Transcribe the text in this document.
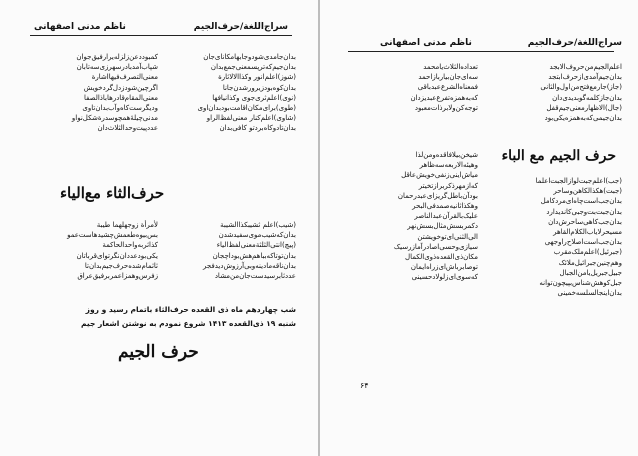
سراج‌اللغة/حرف‌الجیم
ناظم مدنی اصفهانی
بدان‌جا‌مدی‌شودو‌جابهامکانای‌جان
بدان‌جیم‌که‌ترپسمعنی‌جمع‌بدان
(شوز)اعلم‌انور وکذا‌الالاثارة
بدان‌کوه‌بود‌زیرورشدن‌جانا
(نوی)اعلم‌ثری‌جوی وکذانیافها
(طوی)برای‌مکان‌اقامت‌بودبدان‌اوی
(شاوی)اعلم‌کنار معنی‌لفظ‌الراو
بدان‌تادو‌کاه‌برد‌تو کافی‌بدان
کمبود‌دعن‌زلزله‌یرارفیق‌جوان
شپاب‌آمدبادرسهرزی‌سه‌تابان
معنی‌التصرف‌فیها‌اشارة
اگرچین‌شود‌زدل‌گردخویش
معنی‌المقام‌قادرها‌باذالصفا
ودیگرست‌کاه‌وآب‌بدان‌تاوی
مدنی‌چیلهٔ‌همچو‌سدرة‌شکل‌نواو
عددپیت‌وحدالثلاث‌دان
حرف‌الثاء مع‌الیاء
(شیب)اعلم ثشیبکذاالشیبة
بدان‌که‌شیب‌موی‌سفیدشدن
(پیچ)انتی‌الثلثة‌معنی‌لفظ‌الیاء
بدان‌تو‌تا‌که‌بباهم‌هش‌بوداچجان
بدان‌ناقه‌مادینه‌و‌بی‌آرزوش‌دیدفجر
عددثابرسیدست‌جان‌من‌مشاد
لأمرأة زوجهلهما طیبة
بس‌بیوه‌طعمش‌چشیدهاست‌عمو
کذا‌ثربه‌واحد‌الحاکمة
یکی‌بود‌عددان‌نگرتوای‌قرباتان
ثا‌ثمام‌شده‌حرف‌جیم‌بدان‌تا
زفرس‌وهمزاعمربرفیق‌عراق
شب چهاردهم ماه ذی القعده حرف‌الثاء باتمام رسید و روز
شنبه ۱۹ ذی‌القعده ۱۴۱۳ شروع نمودم به نوشتن اشعار جیم
حرف الجیم
سراج‌اللغة/حرف‌الجیم
ناظم مدنی اصفهانی
اعلم‌الجیم‌من‌حروف‌الابجد
بدان‌جیم‌آمدی‌از‌حرف‌ابتجد
(جاز)جار‌مع‌فتح‌من‌اول‌و‌الثانی
بدان‌جاز‌کلمه‌گو‌بدیدی‌دان
(جال)الاظهار‌معنی‌جیم‌قفل
بدان‌جیمی‌که‌به‌همزه‌یکی‌بود
تعداده‌الثلاث‌یا‌محمد
سه‌ای‌جان‌بیار‌باز‌احمد
فمعناه‌الشرع‌عبد‌باقی
که‌به‌همزه‌تفرع‌عبد‌یزدان
توجه‌کن‌ولا‌برذات‌معبود
حرف الجیم مع الباء
(جب)اعلم‌جبت‌لوازالجبت‌اعلما
(جبت)هکذا‌لکاهن‌و‌ساحر
بدان‌جب‌است‌چاه‌ای‌مرد‌کامل
بدان‌جبت‌بت‌وجبی‌کاندیدارد
بدان‌جب‌کاهی‌ساحرش‌دان
مسیحر‌لایاب‌الکلام‌القاهر
بدان‌جب‌است‌اصلاح‌را‌وجهی
(جبرئیل)اعلم‌ملک‌مقرب
و‌هم‌چنین‌جبرائیل‌ملائک
جبیل‌جبریل‌یا‌من‌الجبال
جبل‌کوهش‌شناس‌بپیچون‌توانه
بدان‌اینجا‌لسلسه‌خمینی
شیخن‌بیلافاقده‌و‌من‌لذا
و‌هیئه‌الاربعه‌سه‌ظاهر
میاش‌اینی‌زنفی‌خویش‌عاقل
که‌از‌مهر‌ذکر‌بر‌از‌تخیتر
بود‌آن‌باطل‌گریز‌ای‌عبد‌رحمان
و‌هکذا‌ثانیه‌صمد‌فی‌البحر
علیک‌بالقرآن‌عبد‌الناصر
دکمر‌بسش‌مثال‌بسش‌نهر
الی‌الثنی‌ای‌تو‌خویشتن
سیازی‌وحسی‌اصاد‌رآما‌ز‌رسیک
مکان‌ذی‌القعده‌ذوی‌الکمال
تو‌صابر‌باش‌ای‌ز‌راه‌ایمان
که‌سوی‌ای‌ز‌لو‌لاد‌حسینی
۶۴
